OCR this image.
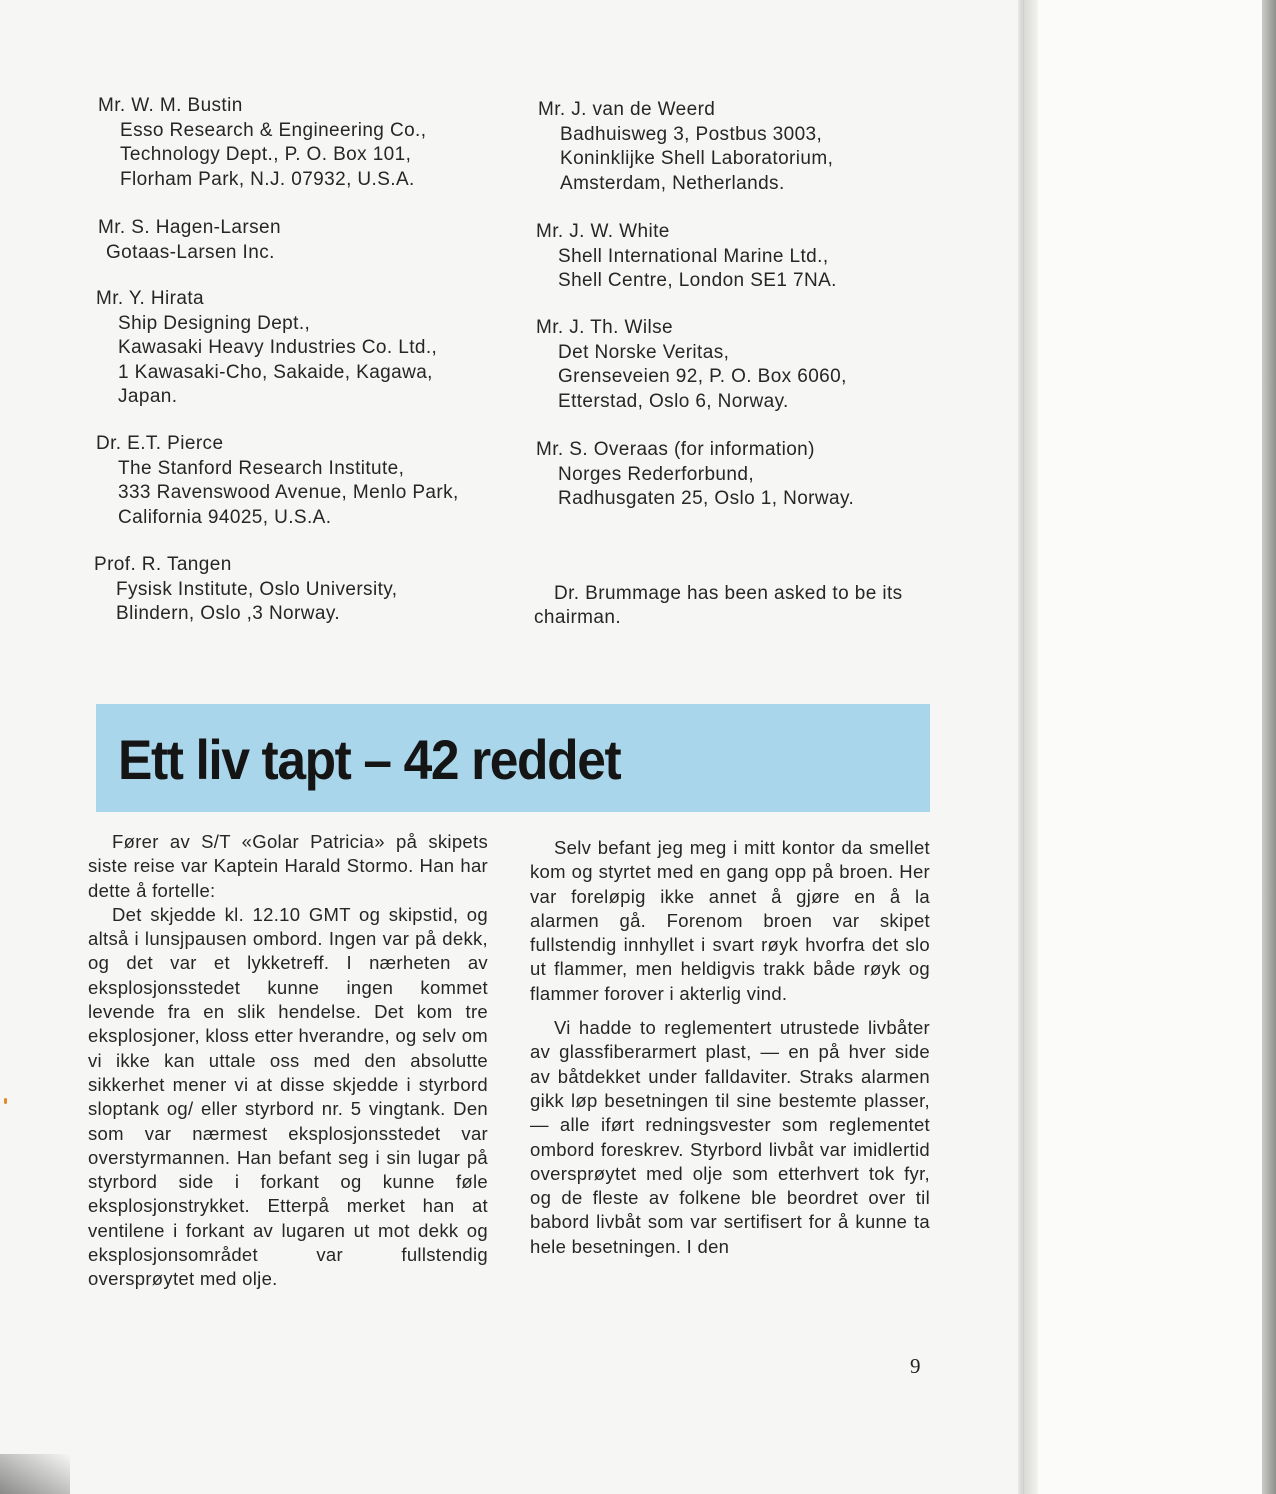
Mr. W. M. Bustin
Esso Research & Engineering Co.,
Technology Dept., P. O. Box 101,
Florham Park, N.J. 07932, U.S.A.
Mr. S. Hagen-Larsen
Gotaas-Larsen Inc.
Mr. Y. Hirata
Ship Designing Dept.,
Kawasaki Heavy Industries Co. Ltd.,
1 Kawasaki-Cho, Sakaide, Kagawa,
Japan.
Dr. E.T. Pierce
The Stanford Research Institute,
333 Ravenswood Avenue, Menlo Park,
California 94025, U.S.A.
Prof. R. Tangen
Fysisk Institute, Oslo University,
Blindern, Oslo ,3 Norway.
Mr. J. van de Weerd
Badhuisweg 3, Postbus 3003,
Koninklijke Shell Laboratorium,
Amsterdam, Netherlands.
Mr. J. W. White
Shell International Marine Ltd.,
Shell Centre, London SE1 7NA.
Mr. J. Th. Wilse
Det Norske Veritas,
Grenseveien 92, P. O. Box 6060,
Etterstad, Oslo 6, Norway.
Mr. S. Overaas (for information)
Norges Rederforbund,
Radhusgaten 25, Oslo 1, Norway.
Dr. Brummage has been asked to be its chairman.
Ett liv tapt – 42 reddet

Fører av S/T «Golar Patricia» på skipets siste reise var Kaptein Harald Stormo. Han har dette å fortelle:

Det skjedde kl. 12.10 GMT og skipstid, og altså i lunsjpausen ombord. Ingen var på dekk, og det var et lykketreff. I nærheten av eksplosjonsstedet kunne ingen kommet levende fra en slik hendelse. Det kom tre eksplosjoner, kloss etter hverandre, og selv om vi ikke kan uttale oss med den absolutte sikkerhet mener vi at disse skjedde i styrbord sloptank og/ eller styrbord nr. 5 vingtank. Den som var nærmest eksplosjonsstedet var overstyrmannen. Han befant seg i sin lugar på styrbord side i forkant og kunne føle eksplosjonstrykket. Etterpå merket han at ventilene i forkant av lugaren ut mot dekk og eksplosjonsområdet var fullstendig oversprøytet med olje.

Selv befant jeg meg i mitt kontor da smellet kom og styrtet med en gang opp på broen. Her var foreløpig ikke annet å gjøre en å la alarmen gå. Forenom broen var skipet fullstendig innhyllet i svart røyk hvorfra det slo ut flammer, men heldigvis trakk både røyk og flammer forover i akterlig vind.

Vi hadde to reglementert utrustede livbåter av glassfiberarmert plast, — en på hver side av båtdekket under falldaviter. Straks alarmen gikk løp besetningen til sine bestemte plasser, — alle iført redningsvester som reglementet ombord foreskrev. Styrbord livbåt var imidlertid oversprøytet med olje som etterhvert tok fyr, og de fleste av folkene ble beordret over til babord livbåt som var sertifisert for å kunne ta hele besetningen. I den

9
